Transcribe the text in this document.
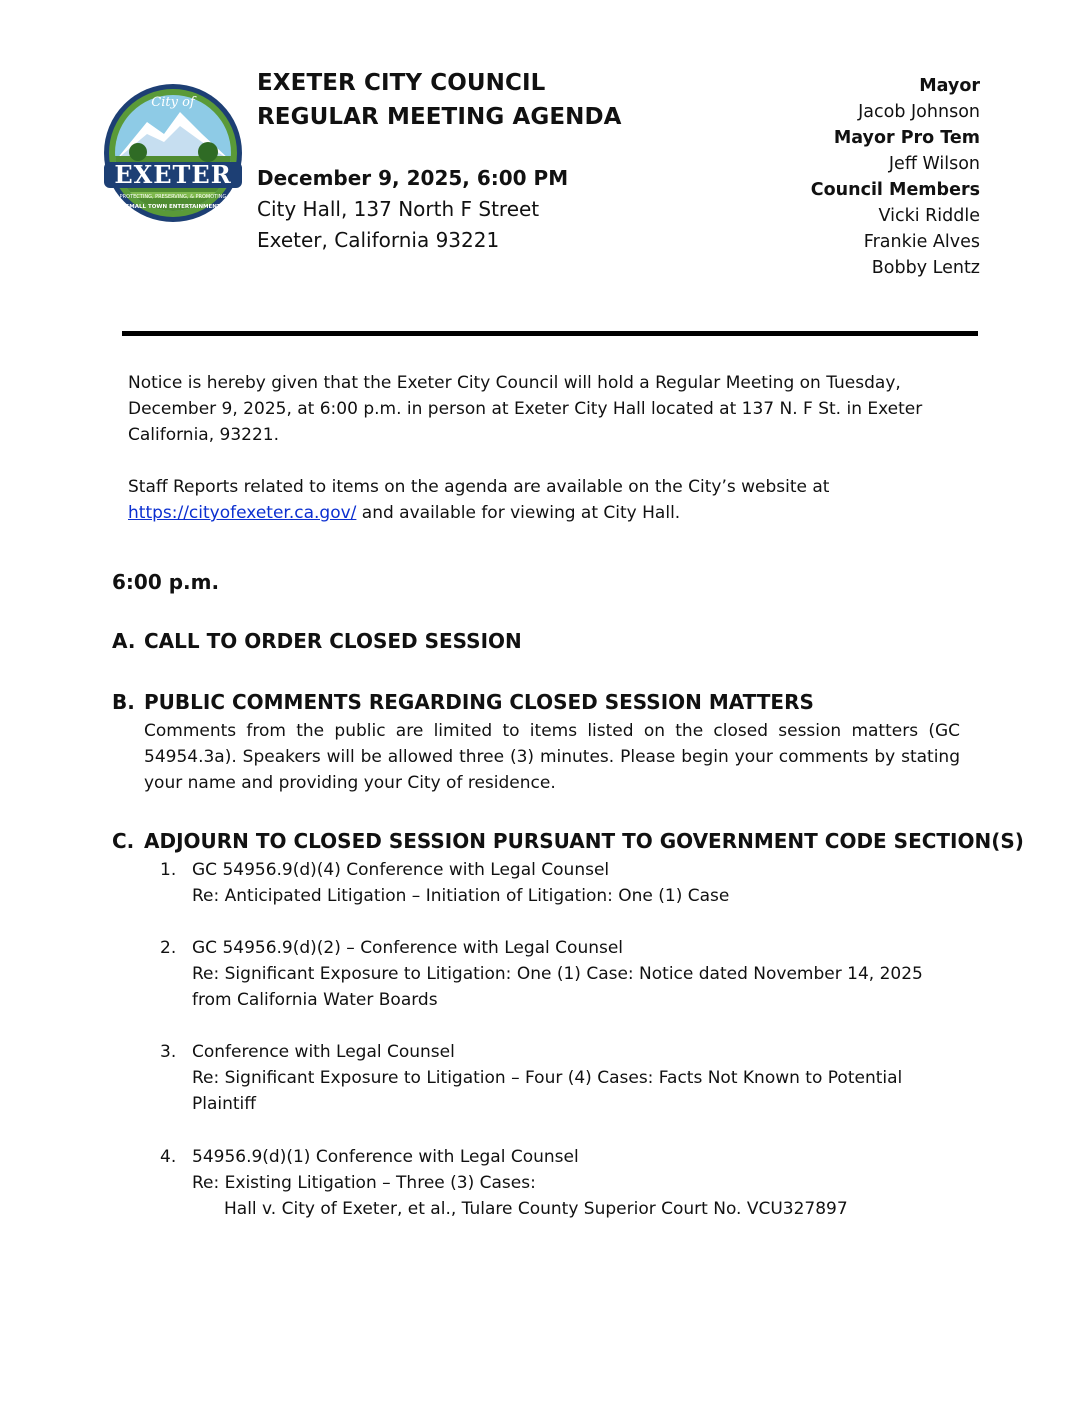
City of
EXETER
PROTECTING, PRESERVING, & PROMOTING
SMALL TOWN ENTERTAINMENT
EXETER CITY COUNCIL
REGULAR MEETING AGENDA
December 9, 2025, 6:00 PM
City Hall, 137 North F Street
Exeter, California 93221
Mayor
Jacob Johnson
Mayor Pro Tem
Jeff Wilson
Council Members
Vicki Riddle
Frankie Alves
Bobby Lentz
Notice is hereby given that the Exeter City Council will hold a Regular Meeting on Tuesday,
December 9, 2025, at 6:00 p.m. in person at Exeter City Hall located at 137 N. F St. in Exeter
California, 93221.
Staff Reports related to items on the agenda are available on the City’s website at
https://cityofexeter.ca.gov/ and available for viewing at City Hall.
6:00 p.m.
A. CALL TO ORDER CLOSED SESSION
B. PUBLIC COMMENTS REGARDING CLOSED SESSION MATTERS
Comments from the public are limited to items listed on the closed session matters (GC 54954.3a). Speakers will be allowed three (3) minutes. Please begin your comments by stating your name and providing your City of residence.
C. ADJOURN TO CLOSED SESSION PURSUANT TO GOVERNMENT CODE SECTION(S)
1. GC 54956.9(d)(4) Conference with Legal Counsel
Re: Anticipated Litigation – Initiation of Litigation: One (1) Case
2. GC 54956.9(d)(2) – Conference with Legal Counsel
Re: Significant Exposure to Litigation: One (1) Case: Notice dated November 14, 2025
from California Water Boards
3. Conference with Legal Counsel
Re: Significant Exposure to Litigation – Four (4) Cases: Facts Not Known to Potential
Plaintiff
4. 54956.9(d)(1) Conference with Legal Counsel
Re: Existing Litigation – Three (3) Cases:
Hall v. City of Exeter, et al., Tulare County Superior Court No. VCU327897
